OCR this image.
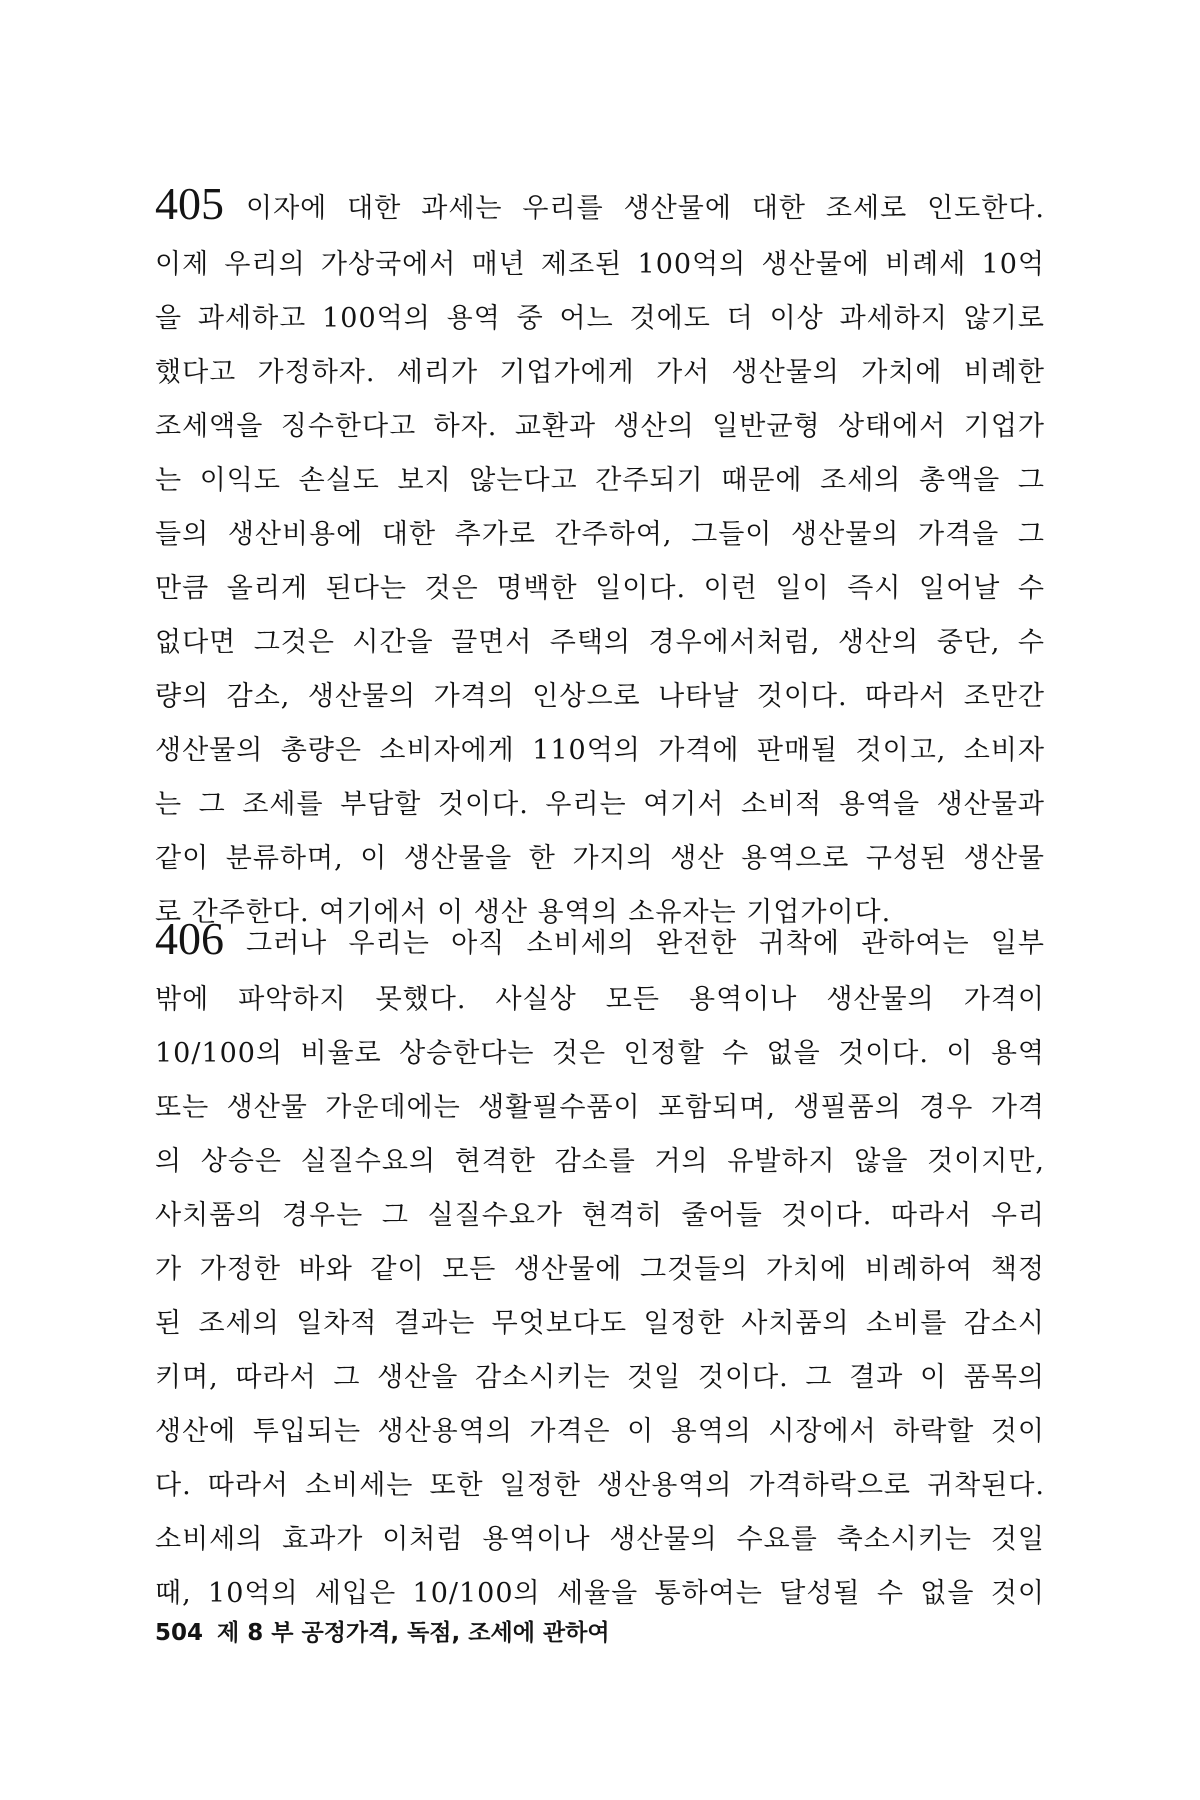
405 이자에 대한 과세는 우리를 생산물에 대한 조세로 인도한다.
이제 우리의 가상국에서 매년 제조된 100억의 생산물에 비례세 10억
을 과세하고 100억의 용역 중 어느 것에도 더 이상 과세하지 않기로
했다고 가정하자. 세리가 기업가에게 가서 생산물의 가치에 비례한
조세액을 징수한다고 하자. 교환과 생산의 일반균형 상태에서 기업가
는 이익도 손실도 보지 않는다고 간주되기 때문에 조세의 총액을 그
들의 생산비용에 대한 추가로 간주하여, 그들이 생산물의 가격을 그
만큼 올리게 된다는 것은 명백한 일이다. 이런 일이 즉시 일어날 수
없다면 그것은 시간을 끌면서 주택의 경우에서처럼, 생산의 중단, 수
량의 감소, 생산물의 가격의 인상으로 나타날 것이다. 따라서 조만간
생산물의 총량은 소비자에게 110억의 가격에 판매될 것이고, 소비자
는 그 조세를 부담할 것이다. 우리는 여기서 소비적 용역을 생산물과
같이 분류하며, 이 생산물을 한 가지의 생산 용역으로 구성된 생산물
로 간주한다. 여기에서 이 생산 용역의 소유자는 기업가이다.
406 그러나 우리는 아직 소비세의 완전한 귀착에 관하여는 일부
밖에 파악하지 못했다. 사실상 모든 용역이나 생산물의 가격이
10/100의 비율로 상승한다는 것은 인정할 수 없을 것이다. 이 용역
또는 생산물 가운데에는 생활필수품이 포함되며, 생필품의 경우 가격
의 상승은 실질수요의 현격한 감소를 거의 유발하지 않을 것이지만,
사치품의 경우는 그 실질수요가 현격히 줄어들 것이다. 따라서 우리
가 가정한 바와 같이 모든 생산물에 그것들의 가치에 비례하여 책정
된 조세의 일차적 결과는 무엇보다도 일정한 사치품의 소비를 감소시
키며, 따라서 그 생산을 감소시키는 것일 것이다. 그 결과 이 품목의
생산에 투입되는 생산용역의 가격은 이 용역의 시장에서 하락할 것이
다. 따라서 소비세는 또한 일정한 생산용역의 가격하락으로 귀착된다.
소비세의 효과가 이처럼 용역이나 생산물의 수요를 축소시키는 것일
때, 10억의 세입은 10/100의 세율을 통하여는 달성될 수 없을 것이
504 제 8 부 공정가격, 독점, 조세에 관하여
